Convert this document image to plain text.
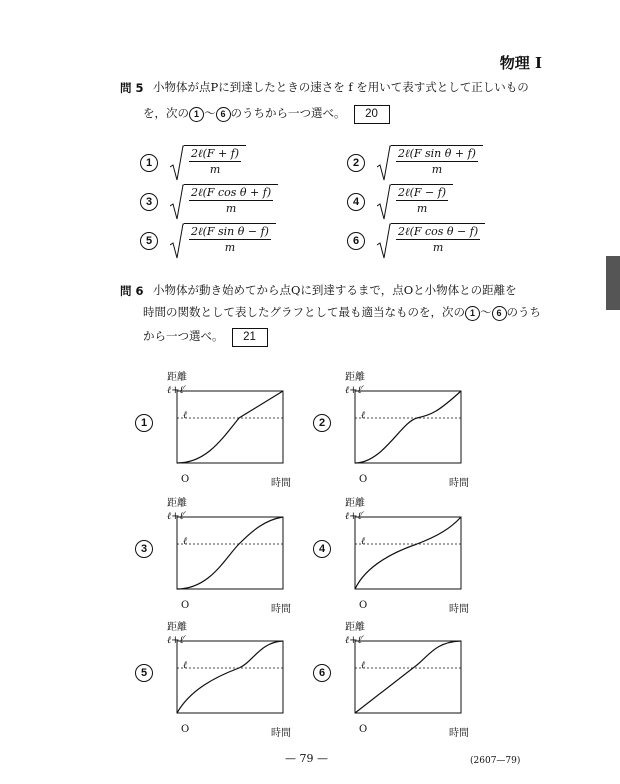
物理 I
問 5 小物体が点Pに到達したときの速さを f を用いて表す式として正しいもの
を，次の 1 〜 6 のうちから一つ選べ。 20
1	$\frac{\text{2ℓ(F + f)}}{m}$	2	$\frac{\text{2ℓ(F sin θ + f)}}{m}$
3	$\frac{\text{2ℓ(F cos θ + f)}}{m}$	4	$\frac{\text{2ℓ(F − f)}}{m}$
5	$\frac{\text{2ℓ(F sin θ − f)}}{m}$	6	$\frac{\text{2ℓ(F cos θ − f)}}{m}$
問 6 小物体が動き始めてから点Qに到達するまで，点Oと小物体との距離を
時間の関数として表したグラフとして最も適当なものを，次の 1 〜 6 のうち
から一つ選べ。 21
1
距離
ℓ+ℓ′
ℓ
O	時間
2
距離
ℓ+ℓ′
ℓ
O	時間
3
距離
ℓ+ℓ′
ℓ
O	時間
4
距離
ℓ+ℓ′
ℓ
O	時間
5
距離
ℓ+ℓ′
ℓ
O	時間
6
距離
ℓ+ℓ′
ℓ
O	時間
— 79 —	(2607—79)
